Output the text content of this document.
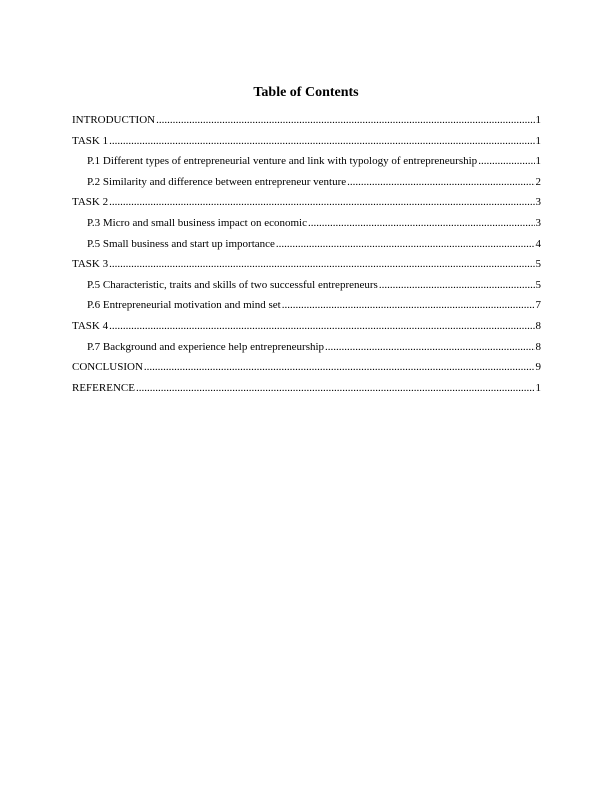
Table of Contents
INTRODUCTION .....	1
TASK 1 .....	1
P.1 Different types of entrepreneurial venture and link with typology of entrepreneurship .....	1
P.2 Similarity and difference between entrepreneur venture .....	2
TASK 2 .....	3
P.3 Micro and small business impact on economic .....	3
P.5 Small business and start up importance .....	4
TASK 3 .....	5
P.5 Characteristic, traits and skills of two successful entrepreneurs .....	5
P.6 Entrepreneurial motivation and mind set .....	7
TASK 4 .....	8
P.7 Background and experience help entrepreneurship .....	8
CONCLUSION .....	9
REFERENCE .....	1
